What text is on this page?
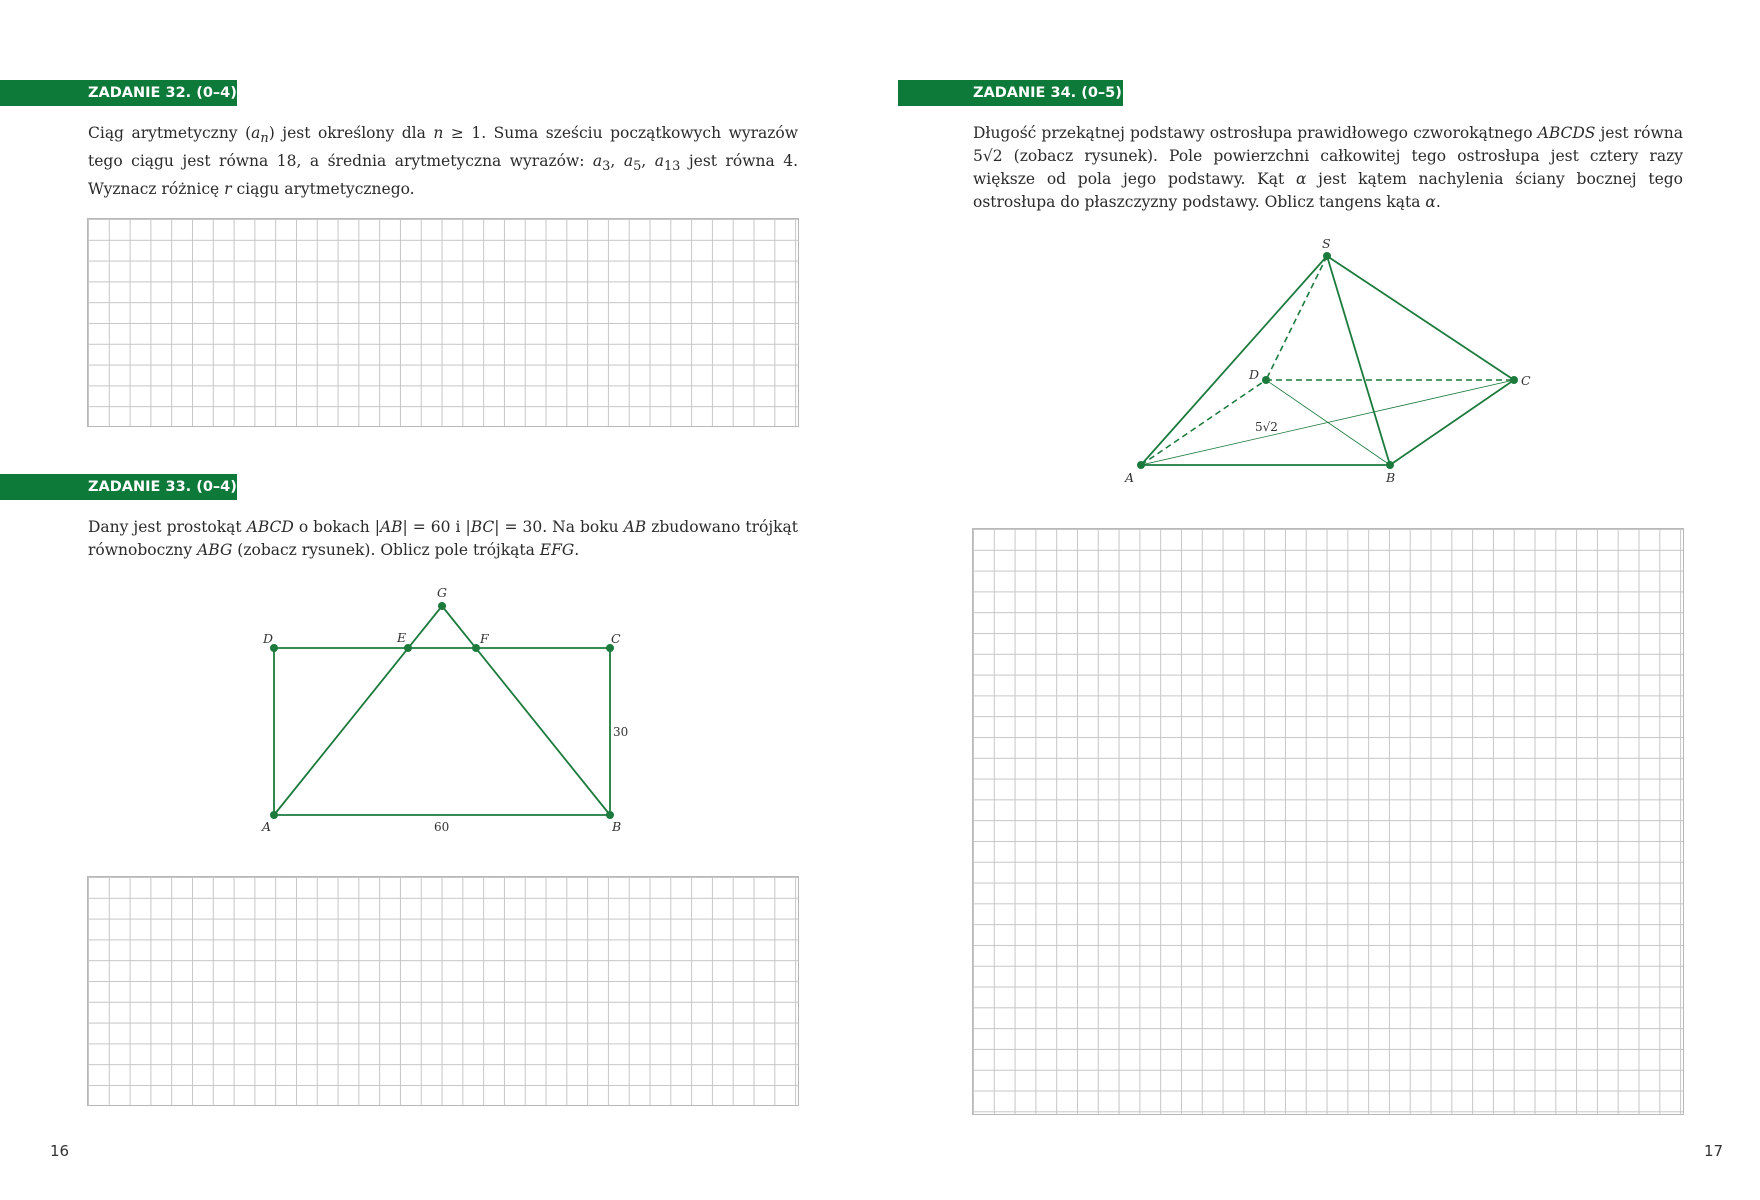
ZADANIE 32. (0–4)
Ciąg arytmetyczny $(a_n)$ jest określony dla n ≥ 1. Suma sześciu początkowych wyrazów tego ciągu jest równa 18, a średnia arytmetyczna wyrazów: $a_3$, $a_5$, $a_{13}$ jest równa 4. Wyznacz różnicę r ciągu arytmetycznego.
ZADANIE 33. (0–4)
Dany jest prostokąt ABCD o bokach |AB| = 60 i |BC| = 30. Na boku AB zbudowano trójkąt równoboczny ABG (zobacz rysunek). Oblicz pole trójkąta EFG.
D	E	F	C
G
A	B
30
60
16
ZADANIE 34. (0–5)
Długość przekątnej podstawy ostrosłupa prawidłowego czworokątnego ABCDS jest równa 5√2 (zobacz rysunek). Pole powierzchni całkowitej tego ostrosłupa jest cztery razy większe od pola jego podstawy. Kąt α jest kątem nachylenia ściany bocznej tego ostrosłupa do płaszczyzny podstawy. Oblicz tangens kąta α.
S
D	C
A	B
5√2
17
